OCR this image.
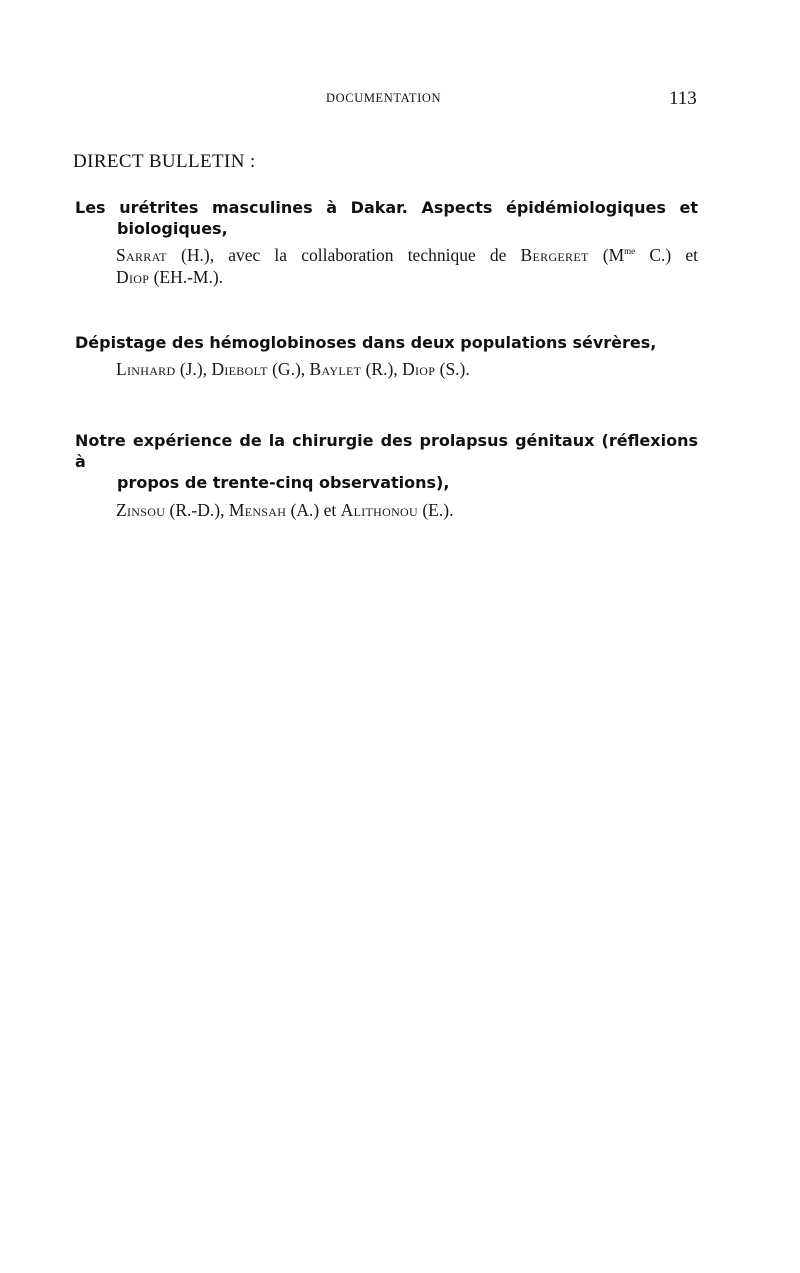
DOCUMENTATION	113
DIRECT BULLETIN :

Les urétrites masculines à Dakar. Aspects épidémiologiques et
biologiques,

Sarrat (H.), avec la collaboration technique de Bergeret ($M^{me}$ C.) et
Diop (EH.-M.).

Dépistage des hémoglobinoses dans deux populations sévrères,

Linhard (J.), Diebolt (G.), Baylet (R.), Diop (S.).

Notre expérience de la chirurgie des prolapsus génitaux (réflexions à
propos de trente-cinq observations),

Zinsou (R.-D.), Mensah (A.) et Alithonou (E.).
